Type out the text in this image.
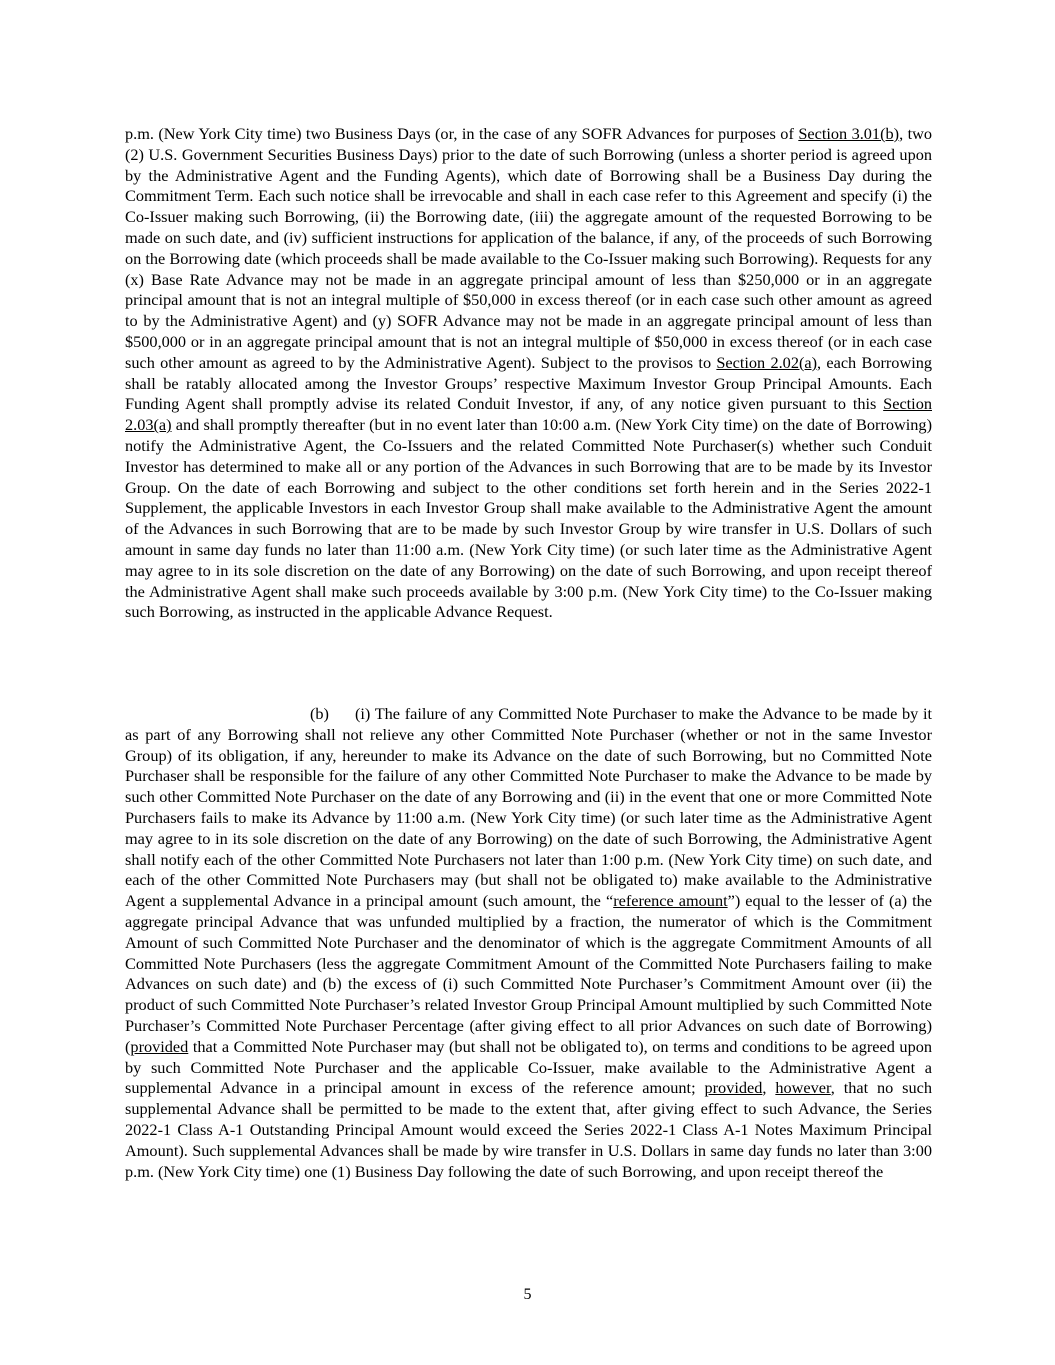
p.m. (New York City time) two Business Days (or, in the case of any SOFR Advances for purposes of Section 3.01(b), two (2) U.S. Government Securities Business Days) prior to the date of such Borrowing (unless a shorter period is agreed upon by the Administrative Agent and the Funding Agents), which date of Borrowing shall be a Business Day during the Commitment Term. Each such notice shall be irrevocable and shall in each case refer to this Agreement and specify (i) the Co-Issuer making such Borrowing, (ii) the Borrowing date, (iii) the aggregate amount of the requested Borrowing to be made on such date, and (iv) sufficient instructions for application of the balance, if any, of the proceeds of such Borrowing on the Borrowing date (which proceeds shall be made available to the Co-Issuer making such Borrowing). Requests for any (x) Base Rate Advance may not be made in an aggregate principal amount of less than $250,000 or in an aggregate principal amount that is not an integral multiple of $50,000 in excess thereof (or in each case such other amount as agreed to by the Administrative Agent) and (y) SOFR Advance may not be made in an aggregate principal amount of less than $500,000 or in an aggregate principal amount that is not an integral multiple of $50,000 in excess thereof (or in each case such other amount as agreed to by the Administrative Agent). Subject to the provisos to Section 2.02(a), each Borrowing shall be ratably allocated among the Investor Groups’ respective Maximum Investor Group Principal Amounts. Each Funding Agent shall promptly advise its related Conduit Investor, if any, of any notice given pursuant to this Section 2.03(a) and shall promptly thereafter (but in no event later than 10:00 a.m. (New York City time) on the date of Borrowing) notify the Administrative Agent, the Co-Issuers and the related Committed Note Purchaser(s) whether such Conduit Investor has determined to make all or any portion of the Advances in such Borrowing that are to be made by its Investor Group. On the date of each Borrowing and subject to the other conditions set forth herein and in the Series 2022-1 Supplement, the applicable Investors in each Investor Group shall make available to the Administrative Agent the amount of the Advances in such Borrowing that are to be made by such Investor Group by wire transfer in U.S. Dollars of such amount in same day funds no later than 11:00 a.m. (New York City time) (or such later time as the Administrative Agent may agree to in its sole discretion on the date of any Borrowing) on the date of such Borrowing, and upon receipt thereof the Administrative Agent shall make such proceeds available by 3:00 p.m. (New York City time) to the Co-Issuer making such Borrowing, as instructed in the applicable Advance Request.

(b) (i) The failure of any Committed Note Purchaser to make the Advance to be made by it as part of any Borrowing shall not relieve any other Committed Note Purchaser (whether or not in the same Investor Group) of its obligation, if any, hereunder to make its Advance on the date of such Borrowing, but no Committed Note Purchaser shall be responsible for the failure of any other Committed Note Purchaser to make the Advance to be made by such other Committed Note Purchaser on the date of any Borrowing and (ii) in the event that one or more Committed Note Purchasers fails to make its Advance by 11:00 a.m. (New York City time) (or such later time as the Administrative Agent may agree to in its sole discretion on the date of any Borrowing) on the date of such Borrowing, the Administrative Agent shall notify each of the other Committed Note Purchasers not later than 1:00 p.m. (New York City time) on such date, and each of the other Committed Note Purchasers may (but shall not be obligated to) make available to the Administrative Agent a supplemental Advance in a principal amount (such amount, the “reference amount”) equal to the lesser of (a) the aggregate principal Advance that was unfunded multiplied by a fraction, the numerator of which is the Commitment Amount of such Committed Note Purchaser and the denominator of which is the aggregate Commitment Amounts of all Committed Note Purchasers (less the aggregate Commitment Amount of the Committed Note Purchasers failing to make Advances on such date) and (b) the excess of (i) such Committed Note Purchaser’s Commitment Amount over (ii) the product of such Committed Note Purchaser’s related Investor Group Principal Amount multiplied by such Committed Note Purchaser’s Committed Note Purchaser Percentage (after giving effect to all prior Advances on such date of Borrowing) (provided that a Committed Note Purchaser may (but shall not be obligated to), on terms and conditions to be agreed upon by such Committed Note Purchaser and the applicable Co-Issuer, make available to the Administrative Agent a supplemental Advance in a principal amount in excess of the reference amount; provided, however, that no such supplemental Advance shall be permitted to be made to the extent that, after giving effect to such Advance, the Series 2022-1 Class A-1 Outstanding Principal Amount would exceed the Series 2022-1 Class A-1 Notes Maximum Principal Amount). Such supplemental Advances shall be made by wire transfer in U.S. Dollars in same day funds no later than 3:00 p.m. (New York City time) one (1) Business Day following the date of such Borrowing, and upon receipt thereof the

5
